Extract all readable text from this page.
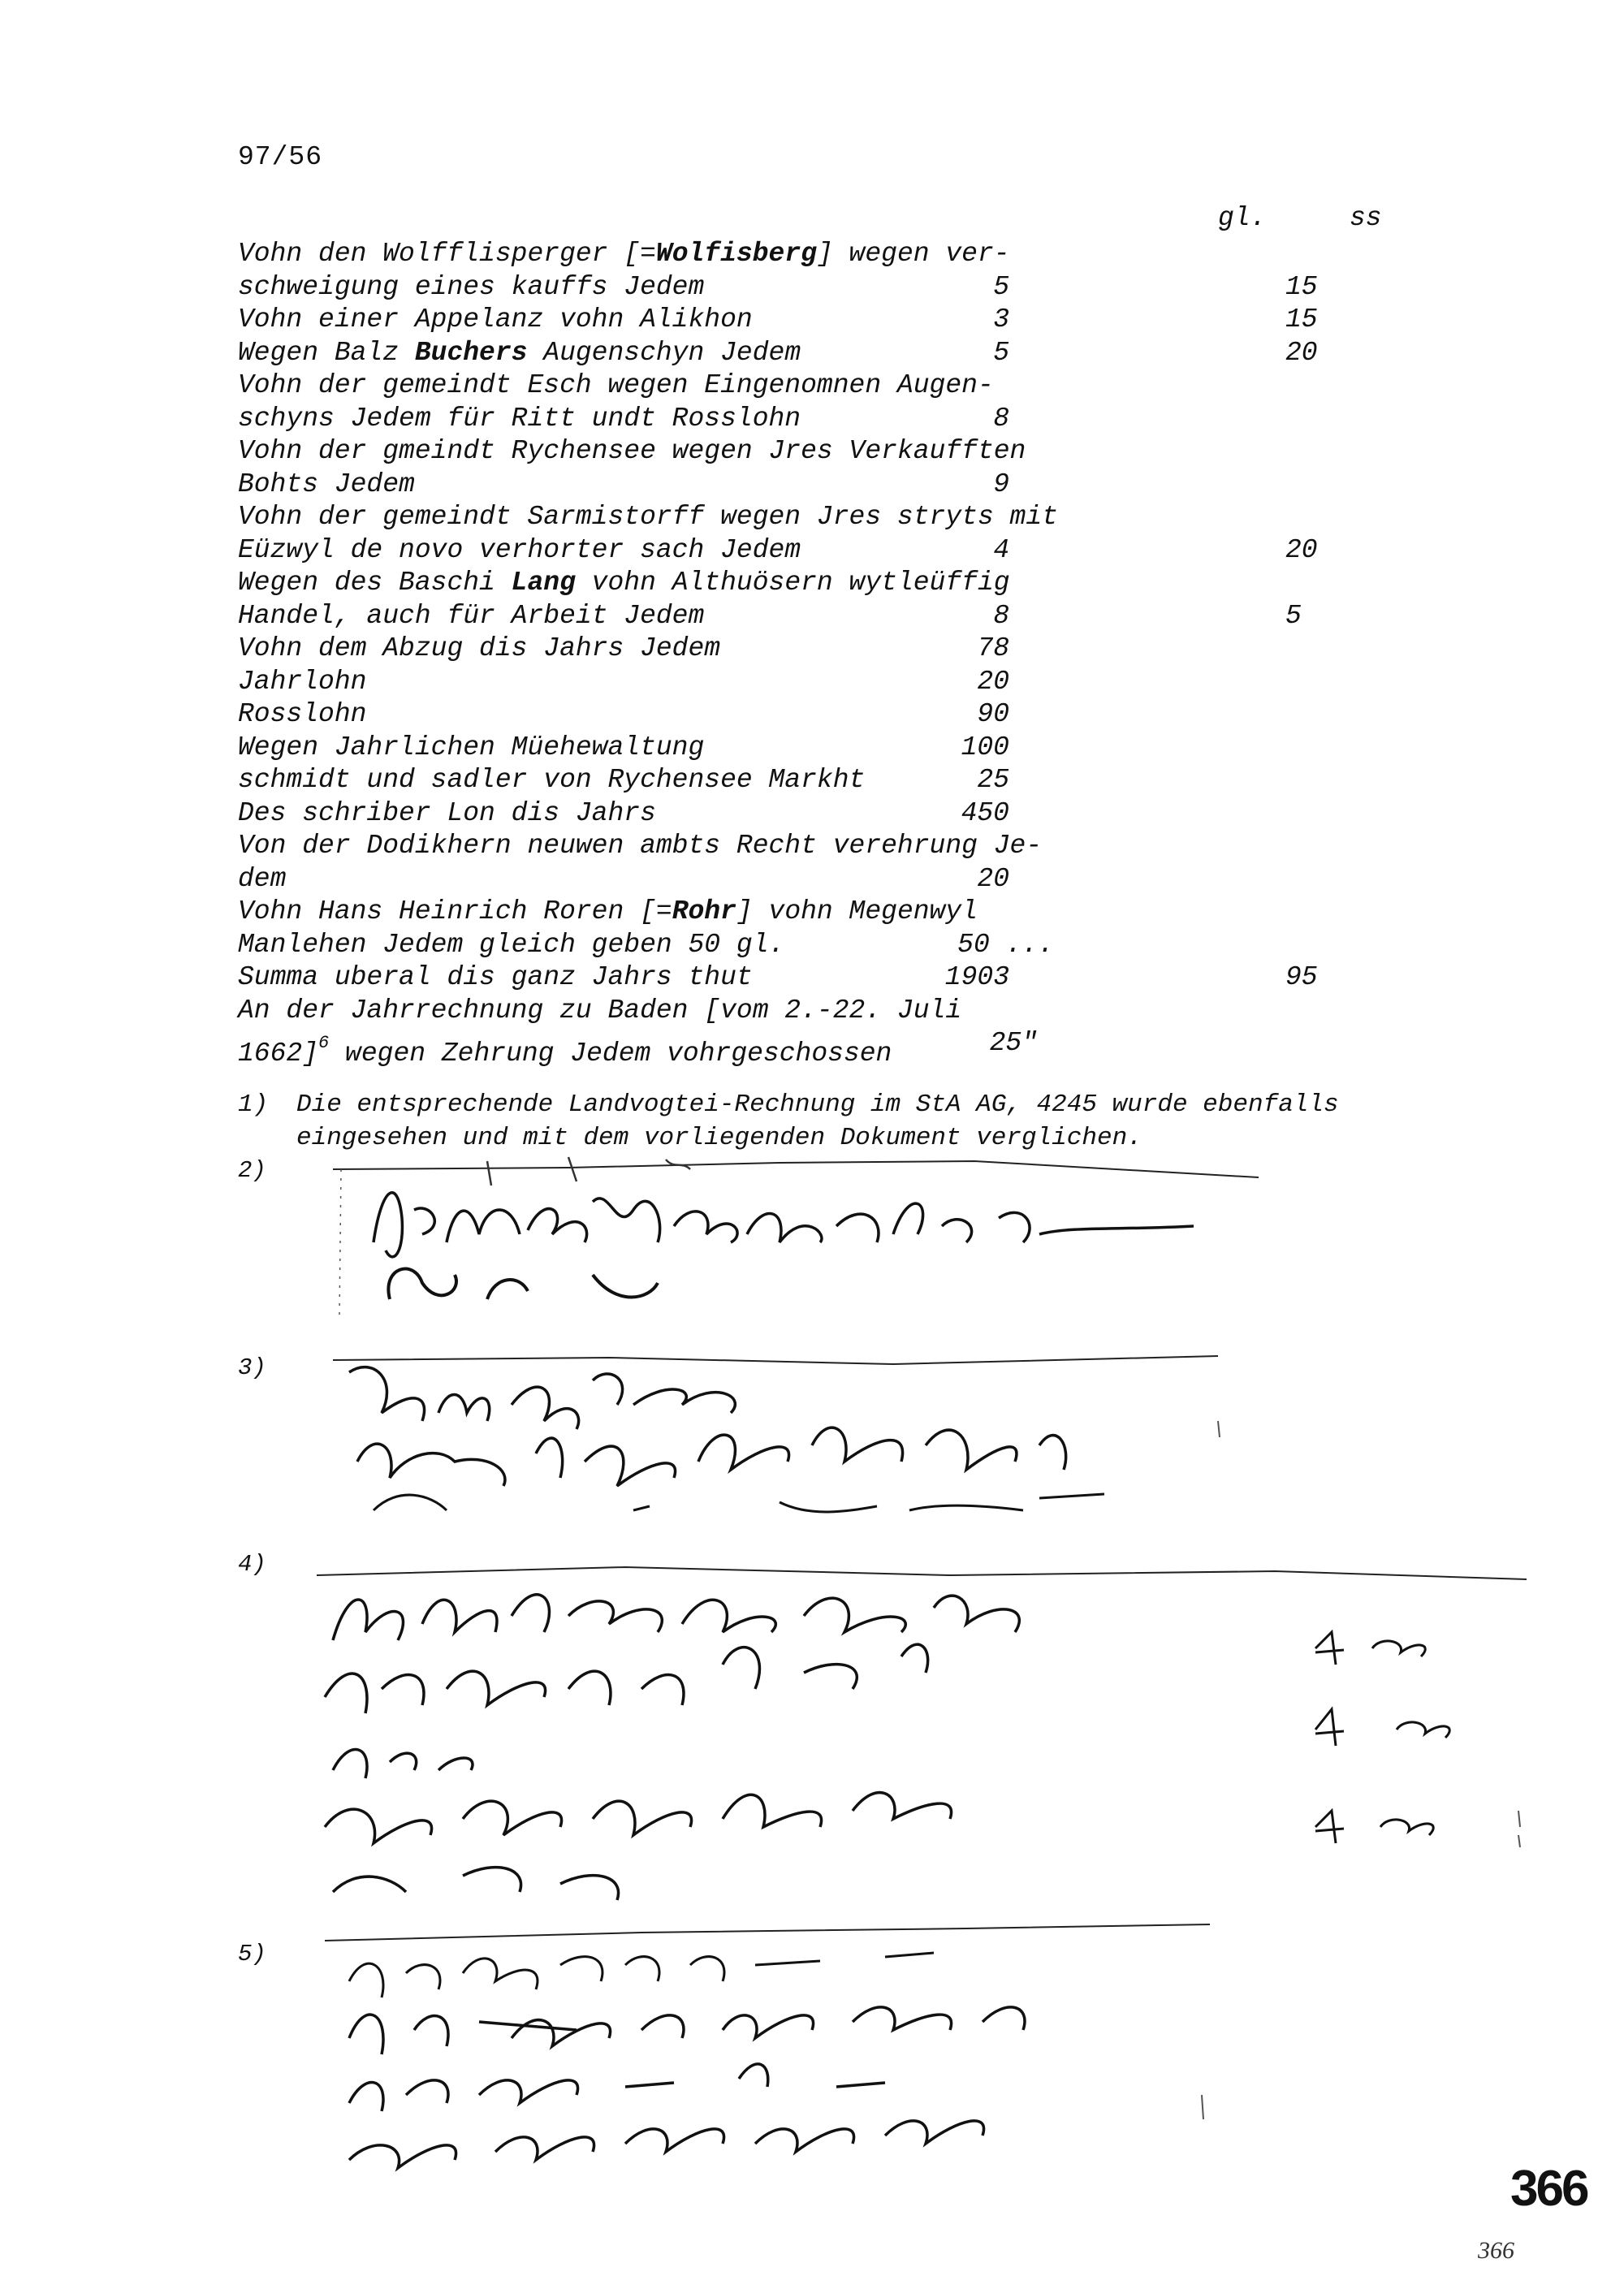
97/56
gl.	ss
Vohn den Wolfflisperger [=Wolfisberg] wegen ver-
schweigung eines kauffs Jedem	5	15
Vohn einer Appelanz vohn Alikhon	3	15
Wegen Balz Buchers Augenschyn Jedem	5	20
Vohn der gemeindt Esch wegen Eingenomnen Augen-
schyns Jedem für Ritt undt Rosslohn	8
Vohn der gmeindt Rychensee wegen Jres Verkaufften
Bohts Jedem	9
Vohn der gemeindt Sarmistorff wegen Jres stryts mit
Eüzwyl de novo verhorter sach Jedem	4	20
Wegen des Baschi Lang vohn Althuösern wytleüffig
Handel, auch für Arbeit Jedem	8	5
Vohn dem Abzug dis Jahrs Jedem	78
Jahrlohn	20
Rosslohn	90
Wegen Jahrlichen Müehewaltung	100
schmidt und sadler von Rychensee Markht	25
Des schriber Lon dis Jahrs	450
Von der Dodikhern neuwen ambts Recht verehrung Je-
dem	20
Vohn Hans Heinrich Roren [=Rohr] vohn Megenwyl
Manlehen Jedem gleich geben 50 gl.	50 ...
Summa uberal dis ganz Jahrs thut	1903	95
An der Jahrrechnung zu Baden [vom 2.-22. Juli
1662]$^6$ wegen Zehrung Jedem vohrgeschossen	25"
1) Die entsprechende Landvogtei-Rechnung im StA AG, 4245 wurde ebenfalls
eingesehen und mit dem vorliegenden Dokument verglichen.
2)
3)
4)
5)
366
366
